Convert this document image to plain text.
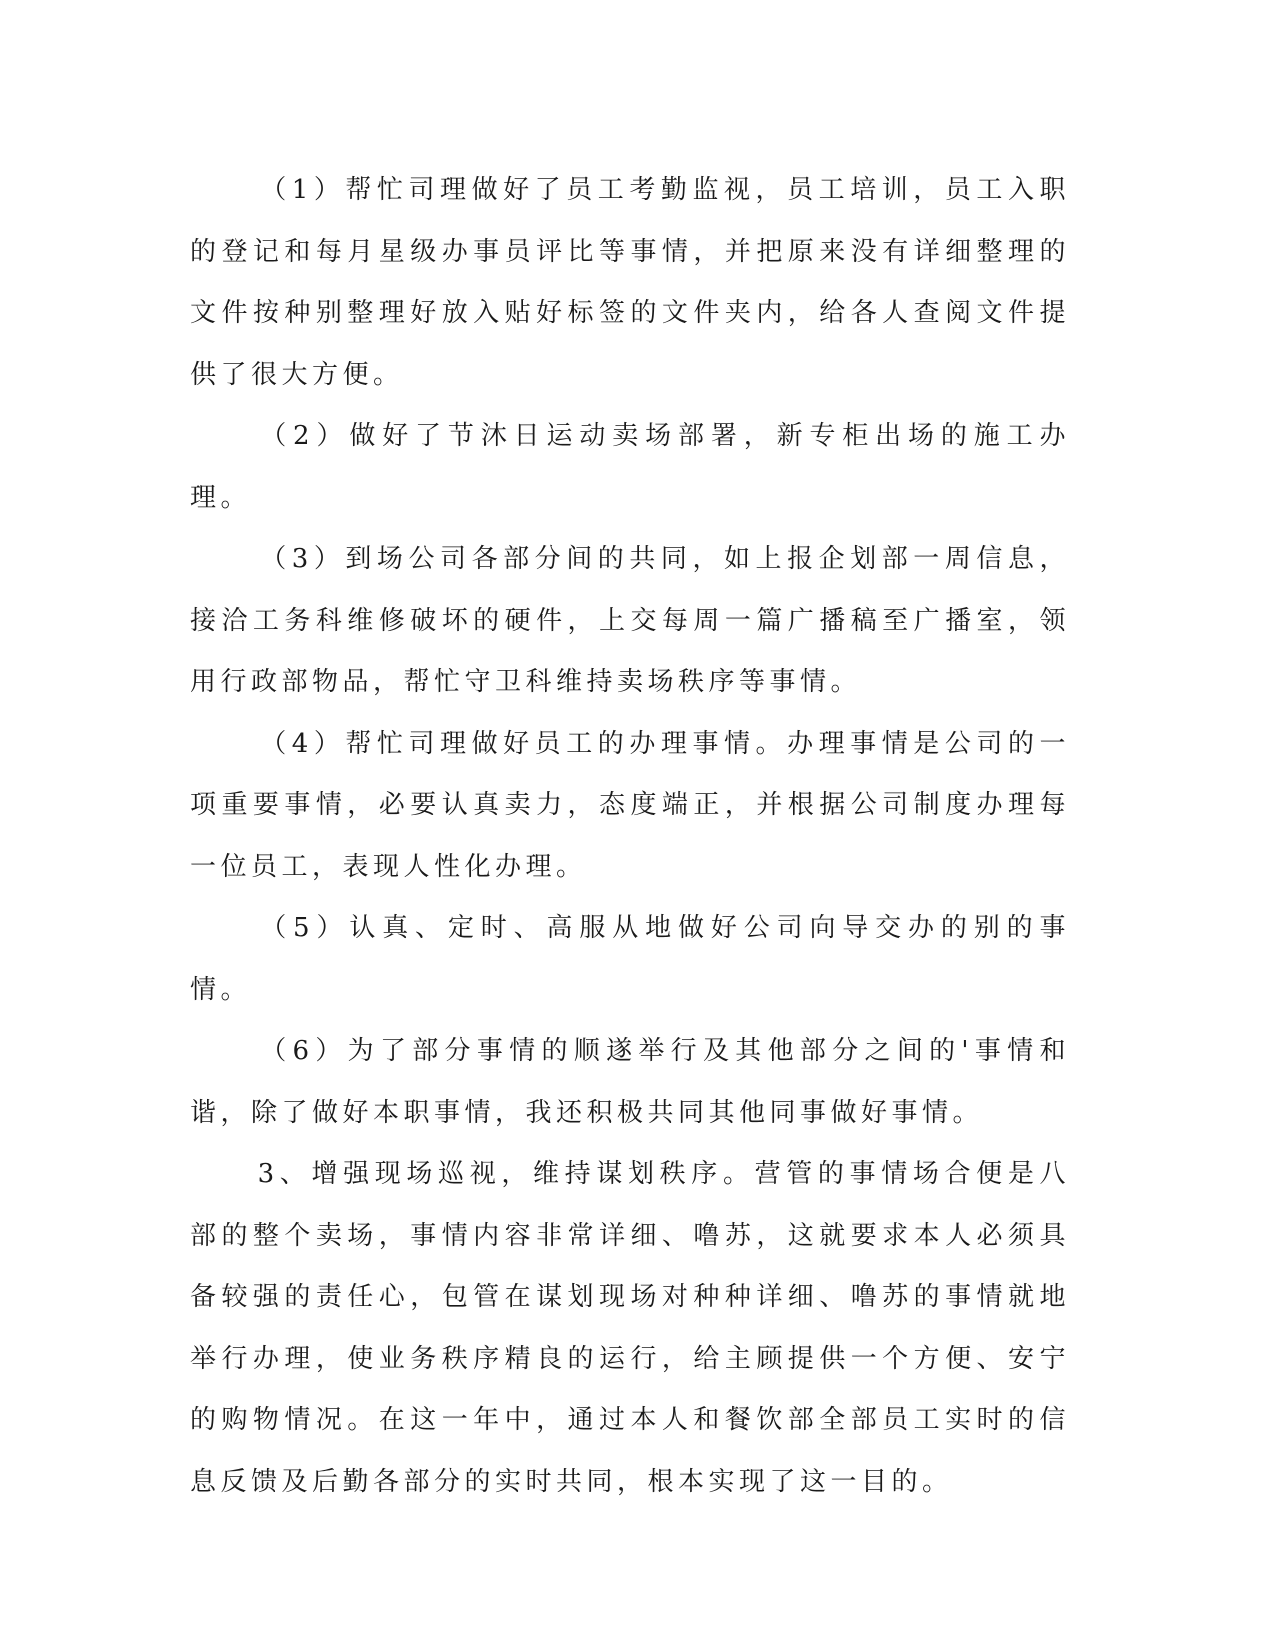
（1）帮忙司理做好了员工考勤监视，员工培训，员工入职的登记和每月星级办事员评比等事情，并把原来没有详细整理的文件按种别整理好放入贴好标签的文件夹内，给各人查阅文件提供了很大方便。

（2）做好了节沐日运动卖场部署，新专柜出场的施工办理。

（3）到场公司各部分间的共同，如上报企划部一周信息，接洽工务科维修破坏的硬件，上交每周一篇广播稿至广播室，领用行政部物品，帮忙守卫科维持卖场秩序等事情。

（4）帮忙司理做好员工的办理事情。办理事情是公司的一项重要事情，必要认真卖力，态度端正，并根据公司制度办理每一位员工，表现人性化办理。

（5）认真、定时、高服从地做好公司向导交办的别的事情。

（6）为了部分事情的顺遂举行及其他部分之间的'事情和谐，除了做好本职事情，我还积极共同其他同事做好事情。

3、增强现场巡视，维持谋划秩序。营管的事情场合便是八部的整个卖场，事情内容非常详细、噜苏，这就要求本人必须具备较强的责任心，包管在谋划现场对种种详细、噜苏的事情就地举行办理，使业务秩序精良的运行，给主顾提供一个方便、安宁的购物情况。在这一年中，通过本人和餐饮部全部员工实时的信息反馈及后勤各部分的实时共同，根本实现了这一目的。
